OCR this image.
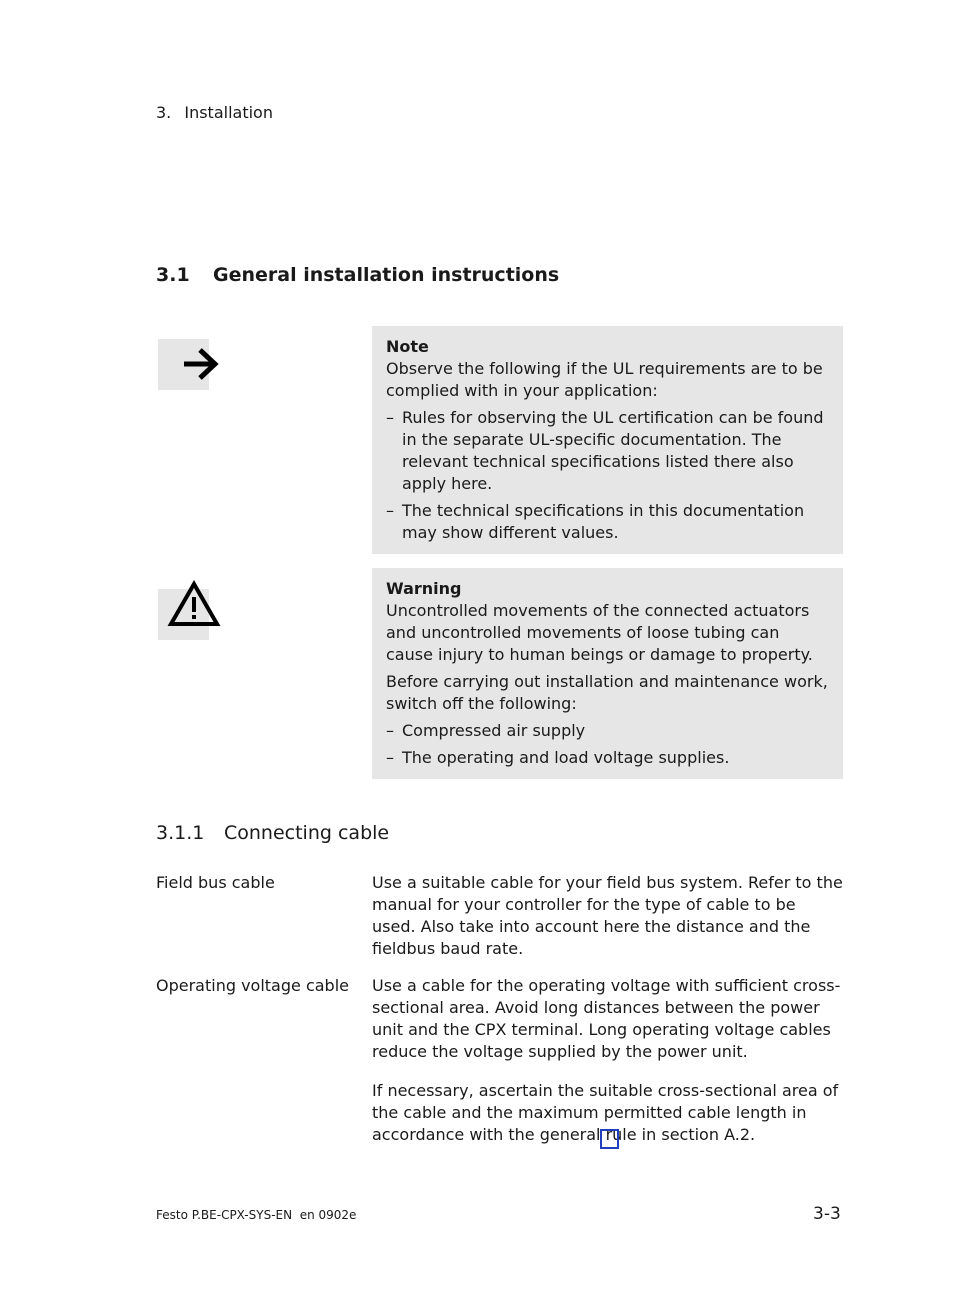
3. Installation
3.1 General installation instructions
Note

Observe the following if the UL requirements are to be complied with in your application:

– Rules for observing the UL certification can be found in the separate UL-specific documentation. The relevant technical specifications listed there also apply here.
– The technical specifications in this documentation may show different values.
Warning

Uncontrolled movements of the connected actuators and uncontrolled movements of loose tubing can cause injury to human beings or damage to property.

Before carrying out installation and maintenance work, switch off the following:

– Compressed air supply
– The operating and load voltage supplies.
3.1.1 Connecting cable
Field bus cable	Use a suitable cable for your field bus system. Refer to the manual for your controller for the type of cable to be used. Also take into account here the distance and the fieldbus baud rate.
Operating voltage cable Use a cable for the operating voltage with sufficient cross-sectional area. Avoid long distances between the power unit and the CPX terminal. Long operating voltage cables reduce the voltage supplied by the power unit.
If necessary, ascertain the suitable cross-sectional area of the cable and the maximum permitted cable length in accordance with the general rule in section A.2.
Festo P.BE-CPX-SYS-EN  en 0902e	3-3
